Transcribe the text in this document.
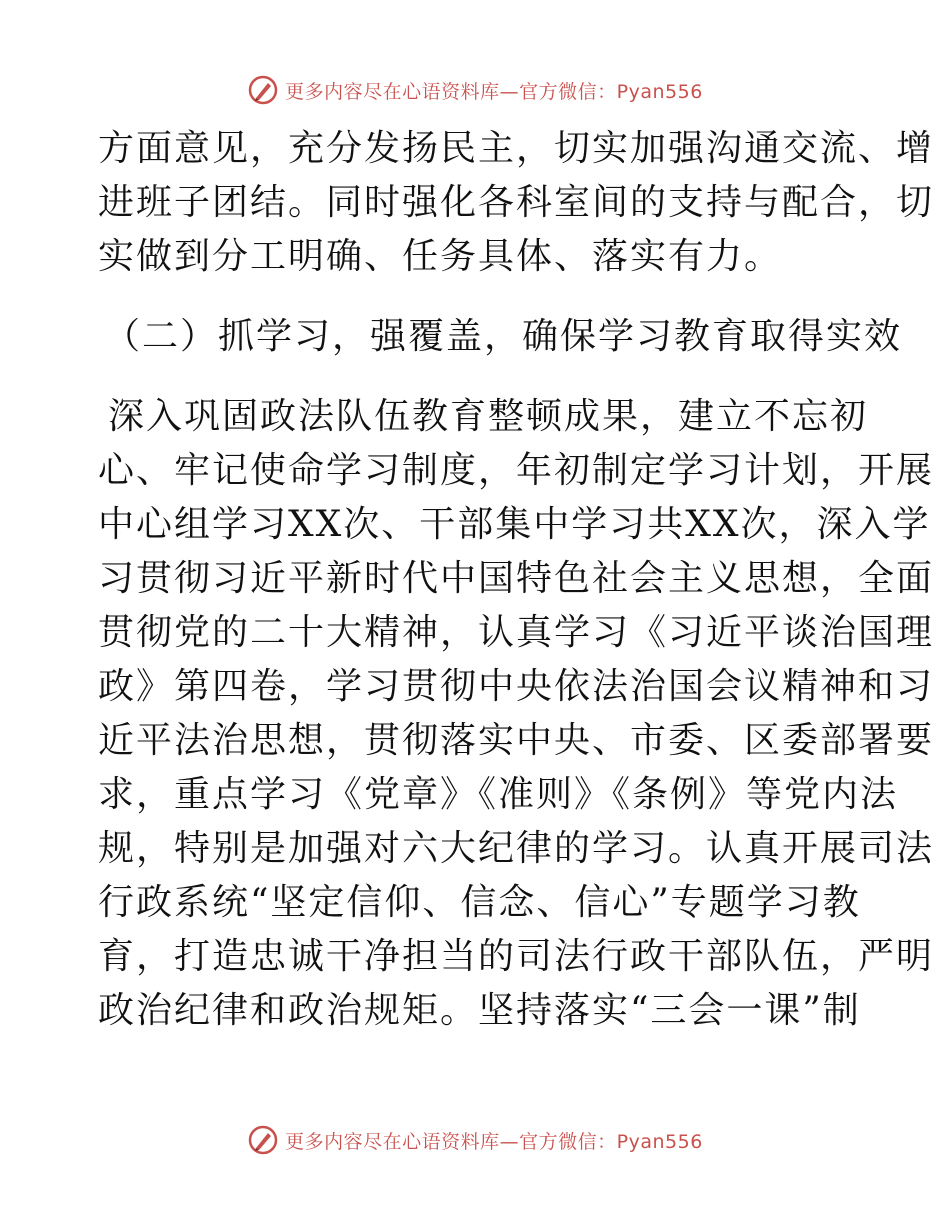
更多内容尽在心语资料库—官方微信：Pyan556
方面意见，充分发扬民主，切实加强沟通交流、增
进班子团结。同时强化各科室间的支持与配合，切
实做到分工明确、任务具体、落实有力。
（二）抓学习，强覆盖，确保学习教育取得实效
深入巩固政法队伍教育整顿成果，建立不忘初
心、牢记使命学习制度，年初制定学习计划，开展
中心组学习XX次、干部集中学习共XX次，深入学
习贯彻习近平新时代中国特色社会主义思想，全面
贯彻党的二十大精神，认真学习《习近平谈治国理
政》第四卷，学习贯彻中央依法治国会议精神和习
近平法治思想，贯彻落实中央、市委、区委部署要
求，重点学习《党章》《准则》《条例》等党内法
规，特别是加强对六大纪律的学习。认真开展司法
行政系统“坚定信仰、信念、信心”专题学习教
育，打造忠诚干净担当的司法行政干部队伍，严明
政治纪律和政治规矩。坚持落实“三会一课”制
更多内容尽在心语资料库—官方微信：Pyan556
